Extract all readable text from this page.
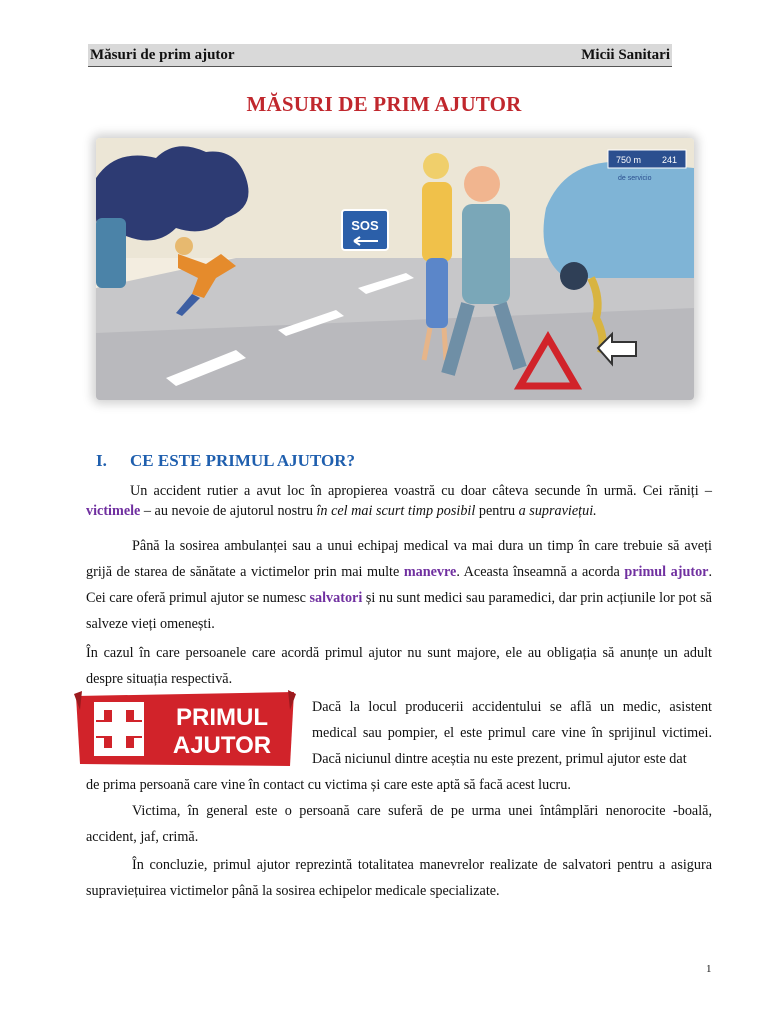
Măsuri de prim ajutor	Micii Sanitari
MĂSURI DE PRIM AJUTOR
SOS
750 m 241
de servicio
I. CE ESTE PRIMUL AJUTOR?
Un accident rutier a avut loc în apropierea voastră cu doar câteva secunde în urmă. Cei răniți – victimele – au nevoie de ajutorul nostru în cel mai scurt timp posibil pentru a supraviețui.
Până la sosirea ambulanței sau a unui echipaj medical va mai dura un timp în care trebuie să aveți grijă de starea de sănătate a victimelor prin mai multe manevre. Aceasta înseamnă a acorda primul ajutor. Cei care oferă primul ajutor se numesc salvatori și nu sunt medici sau paramedici, dar prin acțiunile lor pot să salveze vieți omenești.
În cazul în care persoanele care acordă primul ajutor nu sunt majore, ele au obligația să anunțe un adult despre situația respectivă.
PRIMUL
AJUTOR
Dacă la locul producerii accidentului se află un medic, asistent medical sau pompier, el este primul care vine în sprijinul victimei. Dacă niciunul dintre aceștia nu este prezent, primul ajutor este dat
de prima persoană care vine în contact cu victima și care este aptă să facă acest lucru.
Victima, în general este o persoană care suferă de pe urma unei întâmplări nenorocite -boală, accident, jaf, crimă.
În concluzie, primul ajutor reprezintă totalitatea manevrelor realizate de salvatori pentru a asigura supraviețuirea victimelor până la sosirea echipelor medicale specializate.
1
